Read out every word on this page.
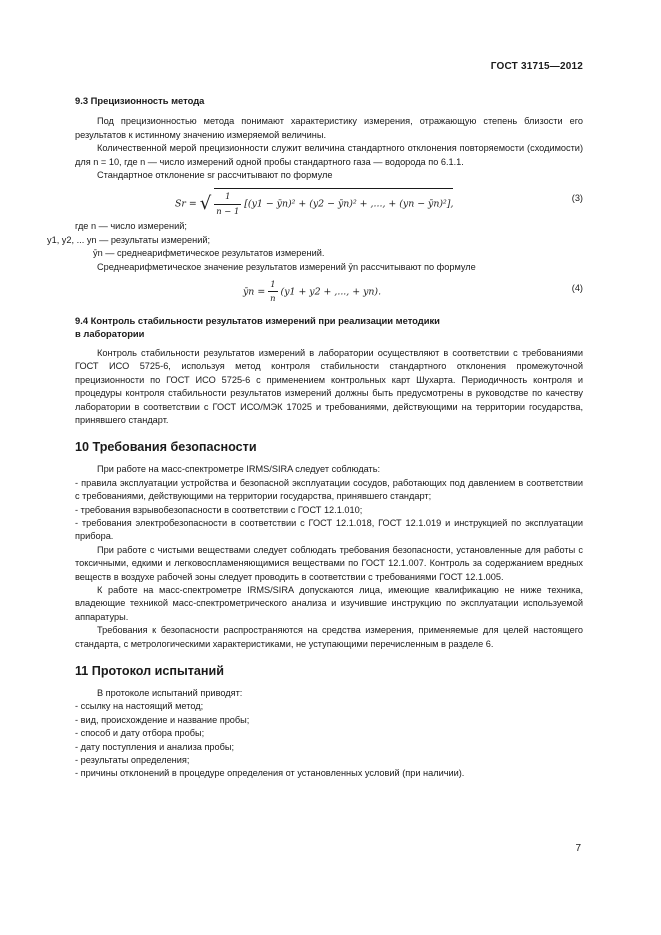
ГОСТ 31715—2012

9.3 Прецизионность метода

Под прецизионностью метода понимают характеристику измерения, отражающую степень близости его результатов к истинному значению измеряемой величины.

Количественной мерой прецизионности служит величина стандартного отклонения повторяемости (сходимости) для n = 10, где n — число измерений одной пробы стандартного газа — водорода по 6.1.1.

Стандартное отклонение sr рассчитывают по формуле

Sr = √ $\frac{1}{n - 1} [(y1$ − ȳn)² + (y2 − ȳn)² + ,..., + (yn − ȳn)²],
(3)

где n — число измерений;

y1, y2, ... yn — результаты измерений;

ȳn — среднеарифметическое результатов измерений.

Среднеарифметическое значение результатов измерений ȳn рассчитывают по формуле

ȳn = $\frac{1}{n} (y1 + y2$ + ,..., + yn).	(4)

9.4 Контроль стабильности результатов измерений при реализации методики

в лаборатории

Контроль стабильности результатов измерений в лаборатории осуществляют в соответствии с требованиями ГОСТ ИСО 5725-6, используя метод контроля стабильности стандартного отклонения промежуточной прецизионности по ГОСТ ИСО 5725-6 с применением контрольных карт Шухарта. Периодичность контроля и процедуры контроля стабильности результатов измерений должны быть предусмотрены в руководстве по качеству лаборатории в соответствии с ГОСТ ИСО/МЭК 17025 и требованиями, действующими на территории государства, принявшего стандарт.

10 Требования безопасности

При работе на масс-спектрометре IRMS/SIRA следует соблюдать:

- правила эксплуатации устройства и безопасной эксплуатации сосудов, работающих под давлением в соответствии с требованиями, действующими на территории государства, принявшего стандарт;

- требования взрывобезопасности в соответствии с ГОСТ 12.1.010;

- требования электробезопасности в соответствии с ГОСТ 12.1.018, ГОСТ 12.1.019 и инструкцией по эксплуатации прибора.

При работе с чистыми веществами следует соблюдать требования безопасности, установленные для работы с токсичными, едкими и легковоспламеняющимися веществами по ГОСТ 12.1.007. Контроль за содержанием вредных веществ в воздухе рабочей зоны следует проводить в соответствии с требованиями ГОСТ 12.1.005.

К работе на масс-спектрометре IRMS/SIRA допускаются лица, имеющие квалификацию не ниже техника, владеющие техникой масс-спектрометрического анализа и изучившие инструкцию по эксплуатации используемой аппаратуры.

Требования к безопасности распространяются на средства измерения, применяемые для целей настоящего стандарта, с метрологическими характеристиками, не уступающими перечисленным в разделе 6.

11 Протокол испытаний

В протоколе испытаний приводят:

- ссылку на настоящий метод;

- вид, происхождение и название пробы;

- способ и дату отбора пробы;

- дату поступления и анализа пробы;

- результаты определения;

- причины отклонений в процедуре определения от установленных условий (при наличии).

7
